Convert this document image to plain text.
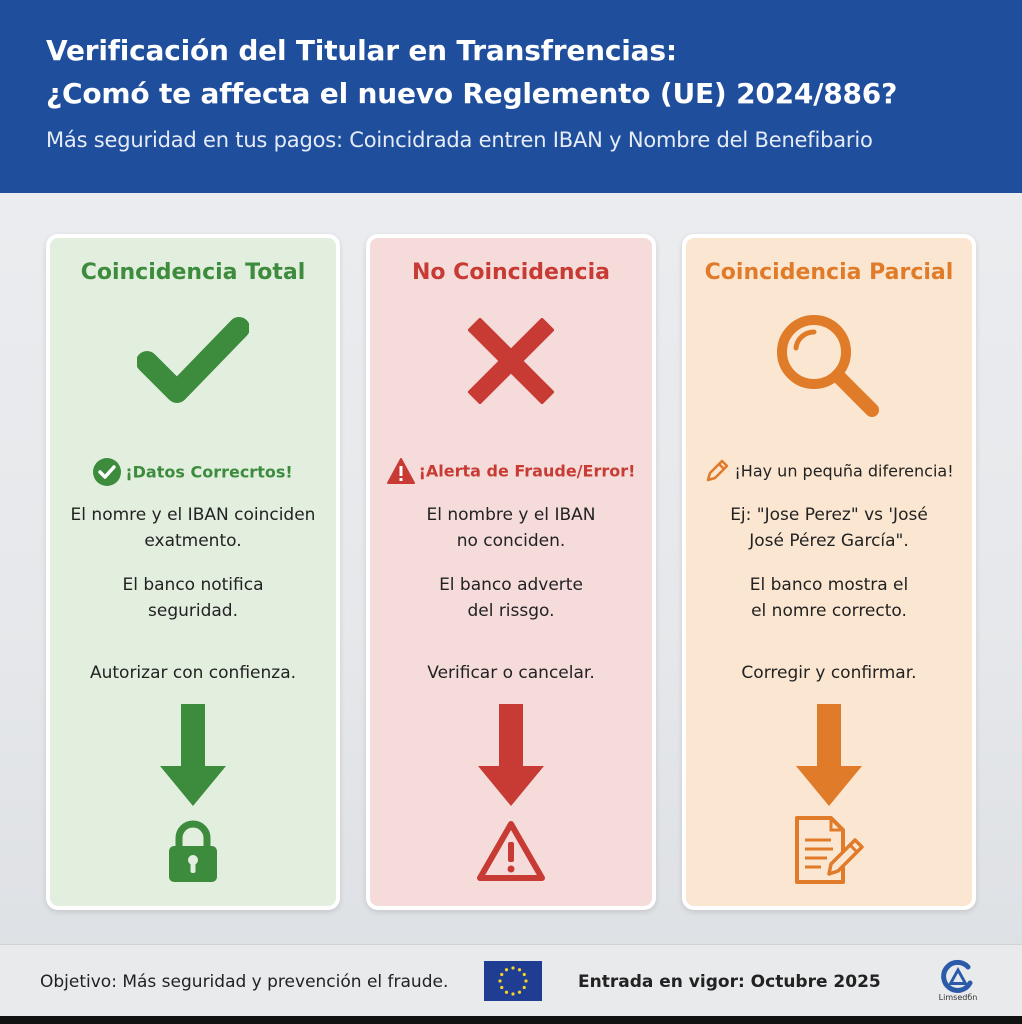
Verificación del Titular en Transfrencias:
¿Comó te affecta el nuevo Reglemento (UE) 2024/886?
Más seguridad en tus pagos: Coincidrada entren IBAN y Nombre del Benefibario
Coincidencia Total
¡Datos Correcrtos!
El nomre y el IBAN coinciden
exatmento.
El banco notifica
seguridad.
Autorizar con confienza.
No Coincidencia
¡Alerta de Fraude/Error!
El nombre y el IBAN
no conciden.
El banco adverte
del rissgo.
Verificar o cancelar.
Coincidencia Parcial
¡Hay un pequña diferencia!
Ej: "Jose Perez" vs 'José
José Pérez García".
El banco mostra el
el nomre correcto.
Corregir y confirmar.
Objetivo: Más seguridad y prevención el fraude.	Entrada en vigor: Octubre 2025
Limsedбn
